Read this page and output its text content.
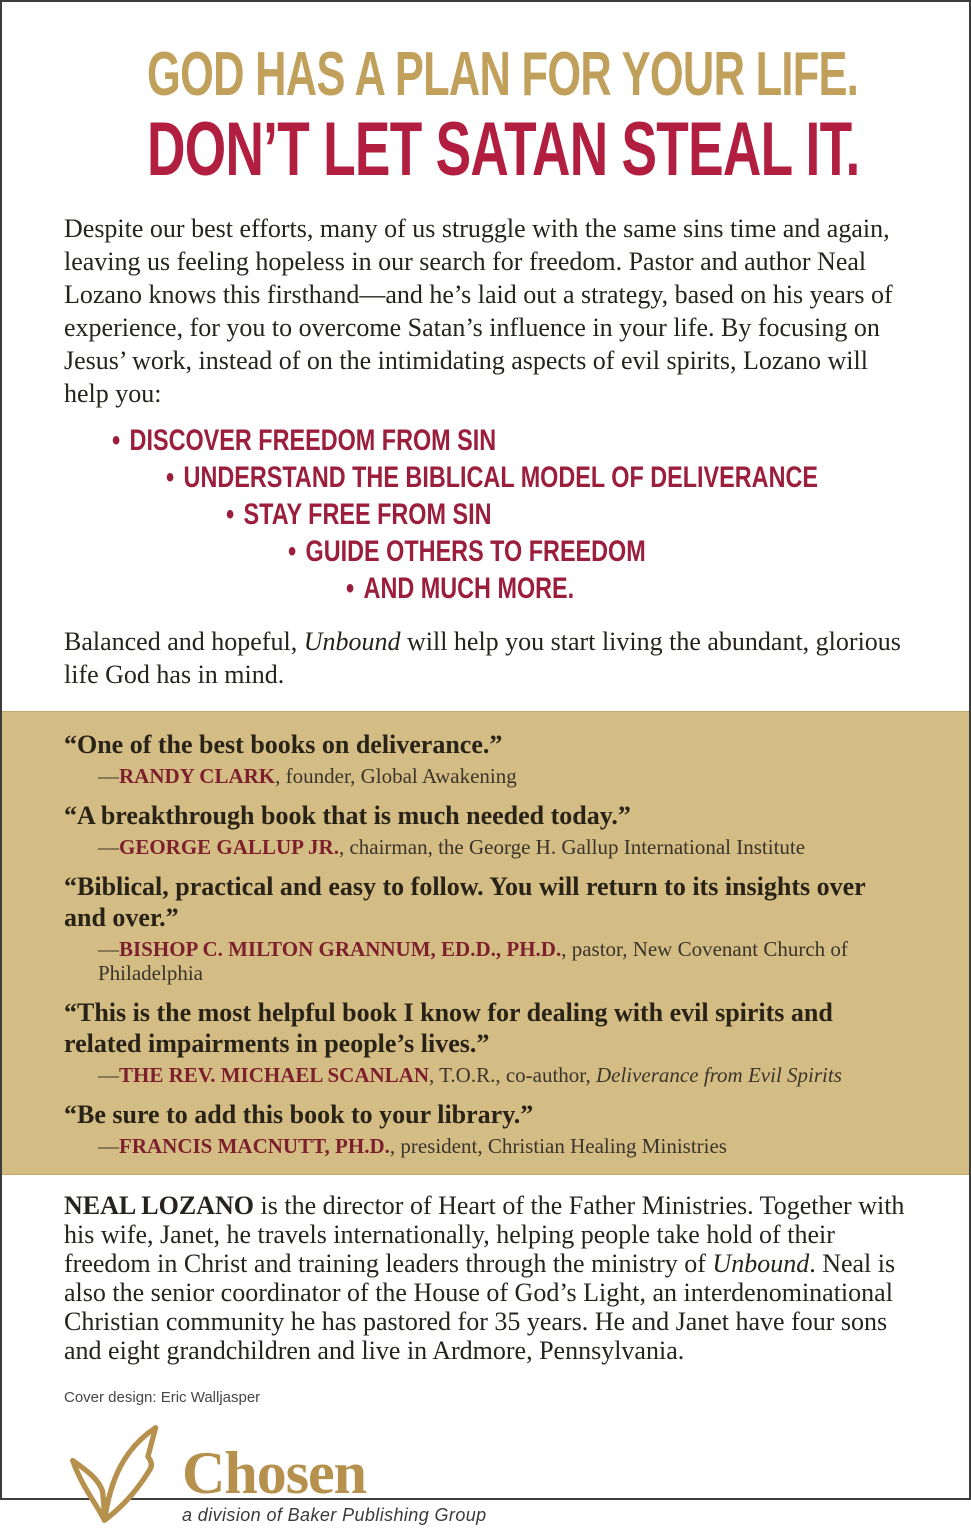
GOD HAS A PLAN FOR YOUR LIFE.
DON’T LET SATAN STEAL IT.

Despite our best efforts, many of us struggle with the same sins time and again, leaving us feeling hopeless in our search for freedom. Pastor and author Neal Lozano knows this firsthand—and he’s laid out a strategy, based on his years of experience, for you to overcome Satan’s influence in your life. By focusing on Jesus’ work, instead of on the intimidating aspects of evil spirits, Lozano will help you:

• DISCOVER FREEDOM FROM SIN
• UNDERSTAND THE BIBLICAL MODEL OF DELIVERANCE
• STAY FREE FROM SIN
• GUIDE OTHERS TO FREEDOM
• AND MUCH MORE.

Balanced and hopeful, Unbound will help you start living the abundant, glorious life God has in mind.

“One of the best books on deliverance.”

—RANDY CLARK, founder, Global Awakening

“A breakthrough book that is much needed today.”

—GEORGE GALLUP JR., chairman, the George H. Gallup International Institute

“Biblical, practical and easy to follow. You will return to its insights over and over.”

—BISHOP C. MILTON GRANNUM, ED.D., PH.D., pastor, New Covenant Church of Philadelphia

“This is the most helpful book I know for dealing with evil spirits and related impairments in people’s lives.”

—THE REV. MICHAEL SCANLAN, T.O.R., co-author, Deliverance from Evil Spirits

“Be sure to add this book to your library.”

—FRANCIS MACNUTT, PH.D., president, Christian Healing Ministries

NEAL LOZANO is the director of Heart of the Father Ministries. Together with his wife, Janet, he travels internationally, helping people take hold of their freedom in Christ and training leaders through the ministry of Unbound. Neal is also the senior coordinator of the House of God’s Light, an interdenominational Christian community he has pastored for 35 years. He and Janet have four sons and eight grandchildren and live in Ardmore, Pennsylvania.

Cover design: Eric Walljasper

Chosen
a division of Baker Publishing Group
